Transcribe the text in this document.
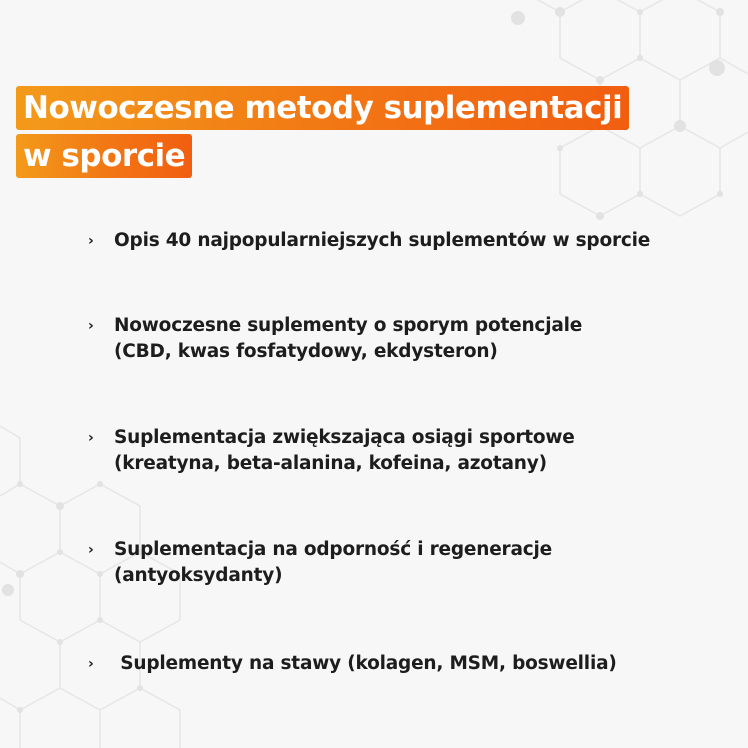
Nowoczesne metody suplementacji
w sporcie
› Opis 40 najpopularniejszych suplementów w sporcie
› Nowoczesne suplementy o sporym potencjale
(CBD, kwas fosfatydowy, ekdysteron)
› Suplementacja zwiększająca osiągi sportowe
(kreatyna, beta-alanina, kofeina, azotany)
› Suplementacja na odporność i regeneracje
(antyoksydanty)
› Suplementy na stawy (kolagen, MSM, boswellia)
